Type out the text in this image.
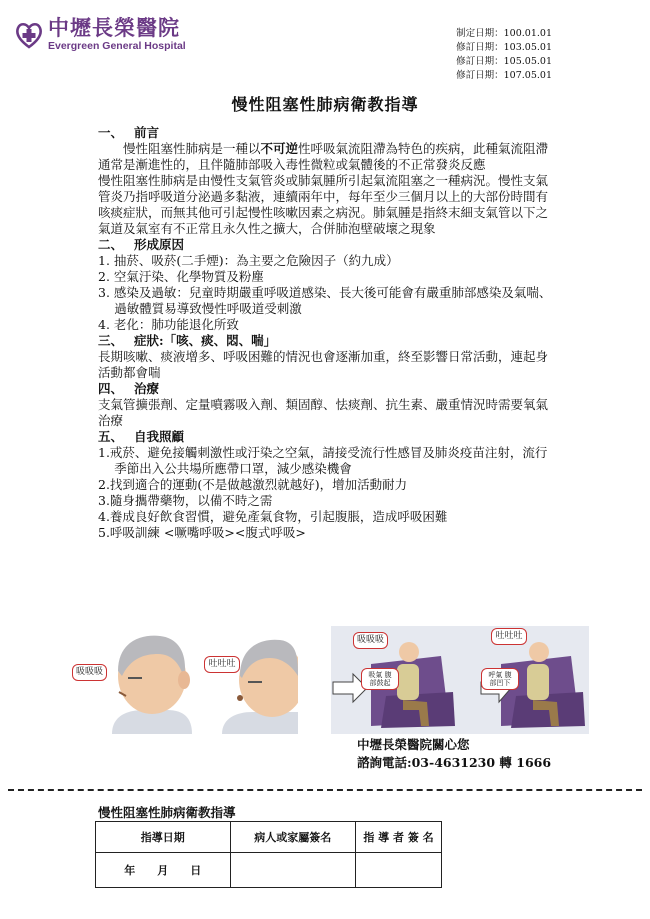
中壢長榮醫院
Evergreen General Hospital
制定日期：100.01.01
修訂日期：103.05.01
修訂日期：105.05.01
修訂日期：107.05.01
慢性阻塞性肺病衛教指導
一、 前言

慢性阻塞性肺病是一種以不可逆性呼吸氣流阻滯為特色的疾病，此種氣流阻滯通常是漸進性的，且伴隨肺部吸入毒性微粒或氣體後的不正常發炎反應

慢性阻塞性肺病是由慢性支氣管炎或肺氣腫所引起氣流阻塞之一種病況。慢性支氣管炎乃指呼吸道分泌過多黏液，連續兩年中，每年至少三個月以上的大部份時間有咳痰症狀，而無其他可引起慢性咳嗽因素之病況。肺氣腫是指終末細支氣管以下之氣道及氣室有不正常且永久性之擴大，合併肺泡壁破壞之現象

二、 形成原因

1. 抽菸、吸菸(二手煙)：為主要之危險因子（約九成）

2. 空氣汙染、化學物質及粉塵

3. 感染及過敏：兒童時期嚴重呼吸道感染、長大後可能會有嚴重肺部感染及氣喘、過敏體質易導致慢性呼吸道受刺激

4. 老化：肺功能退化所致

三、 症狀:「咳、痰、悶、喘」

長期咳嗽、痰液增多、呼吸困難的情況也會逐漸加重，終至影響日常活動，連起身活動都會喘

四、 治療

支氣管擴張劑、定量噴霧吸入劑、類固醇、怯痰劑、抗生素、嚴重情況時需要氧氣治療

五、 自我照顧

1.戒菸、避免接觸刺激性或汙染之空氣，請接受流行性感冒及肺炎疫苗注射，流行季節出入公共場所應帶口罩，減少感染機會

2.找到適合的運動(不是做越激烈就越好)，增加活動耐力

3.隨身攜帶藥物，以備不時之需

4.養成良好飲食習慣，避免產氣食物，引起腹脹，造成呼吸困難

5.呼吸訓練 <噘嘴呼吸><腹式呼吸>

吸吸吸
吐吐吐
吸吸吸	吐吐吐
吸氣 腹部鼓起
呼氣 腹部凹下
中壢長榮醫院關心您
諮詢電話:03-4631230 轉 1666
慢性阻塞性肺病衛教指導
指導日期	病人或家屬簽名	指 導 者 簽 名
年　　月　　日		
